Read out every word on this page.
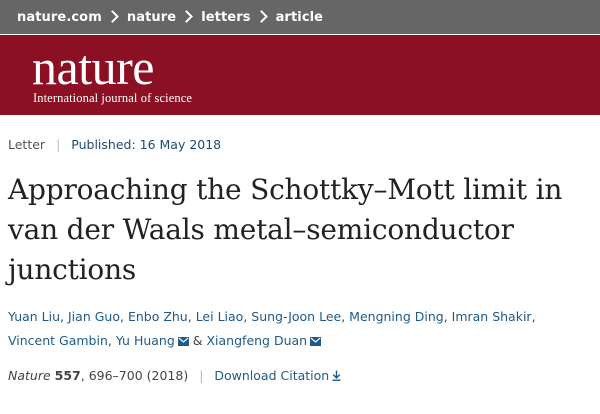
nature.com nature letters article
nature
International journal of science
Letter | Published: 16 May 2018
Approaching the Schottky–Mott limit in van der Waals metal–semiconductor junctions
Yuan Liu, Jian Guo, Enbo Zhu, Lei Liao, Sung-Joon Lee, Mengning Ding, Imran Shakir, Vincent Gambin, Yu Huang & Xiangfeng Duan
Nature 557, 696–700 (2018) | Download Citation
